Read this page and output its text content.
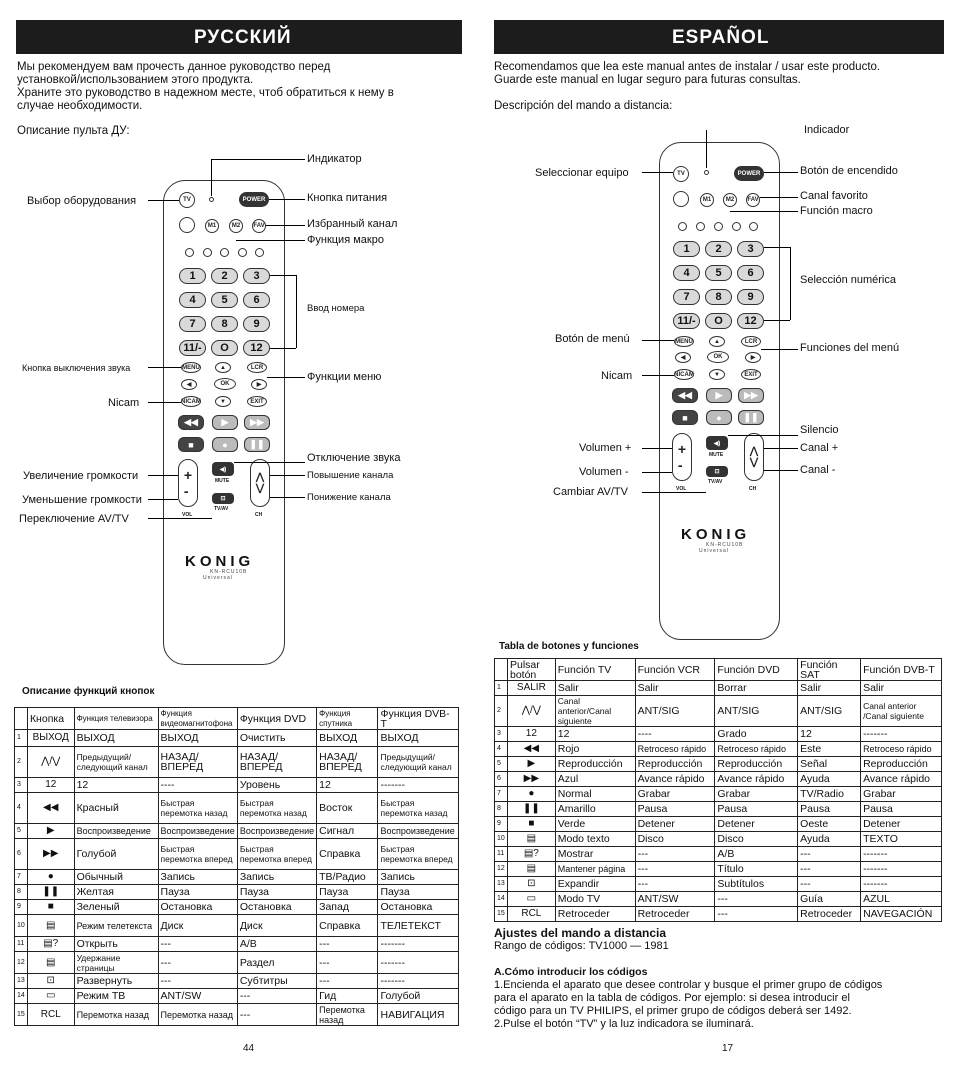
РУССКИЙ
Мы рекомендуем вам прочесть данное руководство перед
установкой/использованием этого продукта.
Храните это руководство в надежном месте, чтоб обратиться к нему в
случае необходимости.
Описание пульта ДУ:
TV	POWER
M1	M2	FAV
1	2	3
4	5	6
7	8	9
11/-	O	12
MENU	LCR
▲
◀	OK	▶
NICAM	▼	EXIT
◀◀	▶	▶▶
■	●	❚❚
+
-
◀)
MUTE	⋀
⋁
⊡
TV/AV
VOL	CH
KONIG
KN-RCU10B
Universal
Индикатор
Выбор оборудования	Кнопка питания
Избранный канал
Функция макро
Ввод номера
Кнопка выключения звука
Функции меню
Nicam
Отключение звука
Увеличение громкости	Повышение канала
Уменьшение громкости	Понижение канала
Переключение AV/TV
Описание функций кнопок
	Кнопка	Функция телевизора	Функция видеомагнитофона	Функция DVD	Функция спутника	Функция DVB-T
1	ВЫХОД	ВЫХОД	ВЫХОД	Очистить	ВЫХОД	ВЫХОД
2	⋀/⋁	Предыдущий/ следующий канал	НАЗАД/ ВПЕРЕД	НАЗАД/ ВПЕРЕД	НАЗАД/ ВПЕРЕД	Предыдущий/ следующий канал
3	12	12	----	Уровень	12	-------
4	◀◀	Красный	Быстрая перемотка назад	Быстрая перемотка назад	Восток	Быстрая перемотка назад
5	▶	Воспроизведение	Воспроизведение	Воспроизведение	Сигнал	Воспроизведение
6	▶▶	Голубой	Быстрая перемотка вперед	Быстрая перемотка вперед	Справка	Быстрая перемотка вперед
7	●	Обычный	Запись	Запись	ТВ/Радио	Запись
8	❚❚	Желтая	Пауза	Пауза	Пауза	Пауза
9	■	Зеленый	Остановка	Остановка	Запад	Остановка
10	▤	Режим телетекста	Диск	Диск	Справка	ТЕЛЕТЕКСТ
11	▤?	Открыть	---	А/В	---	-------
12	▤	Удержание страницы	---	Раздел	---	-------
13	⊡	Развернуть	---	Субтитры	---	-------
14	▭	Режим ТВ	ANT/SW	---	Гид	Голубой
15	RCL	Перемотка назад	Перемотка назад	---	Перемотка назад	НАВИГАЦИЯ
44
ESPAÑOL
Recomendamos que lea este manual antes de instalar / usar este producto.
Guarde este manual en lugar seguro para futuras consultas.
Descripción del mando a distancia:
TV	POWER
M1	M2	FAV
1	2	3
4	5	6
7	8	9
11/-	O	12
MENU	LCR
▲
◀	OK	▶
NICAM	▼	EXIT
◀◀	▶	▶▶
■	●	❚❚
+
-
◀)
MUTE	⋀
⋁
⊡
TV/AV
VOL	CH
KONIG
KN-RCU10B
Universal
Indicador
Seleccionar equipo	Botón de encendido
Canal favorito
Función macro
Selección numérica
Botón de menú
Funciones del menú
Nicam
Silencio
Volumen +	Canal +
Volumen -	Canal -
Cambiar AV/TV
Tabla de botones y funciones
	Pulsar botón	Función TV	Función VCR	Función DVD	Función SAT	Función DVB-T
1	SALIR	Salir	Salir	Borrar	Salir	Salir
2	⋀/⋁	Canal anterior/Canal siguiente	ANT/SIG	ANT/SIG	ANT/SIG	Canal anterior /Canal siguiente
3	12	12	----	Grado	12	-------
4	◀◀	Rojo	Retroceso rápido	Retroceso rápido	Este	Retroceso rápido
5	▶	Reproducción	Reproducción	Reproducción	Señal	Reproducción
6	▶▶	Azul	Avance rápido	Avance rápido	Ayuda	Avance rápido
7	●	Normal	Grabar	Grabar	TV/Radio	Grabar
8	❚❚	Amarillo	Pausa	Pausa	Pausa	Pausa
9	■	Verde	Detener	Detener	Oeste	Detener
10	▤	Modo texto	Disco	Disco	Ayuda	TEXTO
11	▤?	Mostrar	---	A/B	---	-------
12	▤	Mantener página	---	Título	---	-------
13	⊡	Expandir	---	Subtítulos	---	-------
14	▭	Modo TV	ANT/SW	---	Guía	AZUL
15	RCL	Retroceder	Retroceder	---	Retroceder	NAVEGACIÓN
Ajustes del mando a distancia
Rango de códigos: TV1000 — 1981
A.Cómo introducir los códigos
1.Encienda el aparato que desee controlar y busque el primer grupo de códigos
para el aparato en la tabla de códigos. Por ejemplo: si desea introducir el
código para un TV PHILIPS, el primer grupo de códigos deberá ser 1492.
2.Pulse el botón “TV” y la luz indicadora se iluminará.
17
